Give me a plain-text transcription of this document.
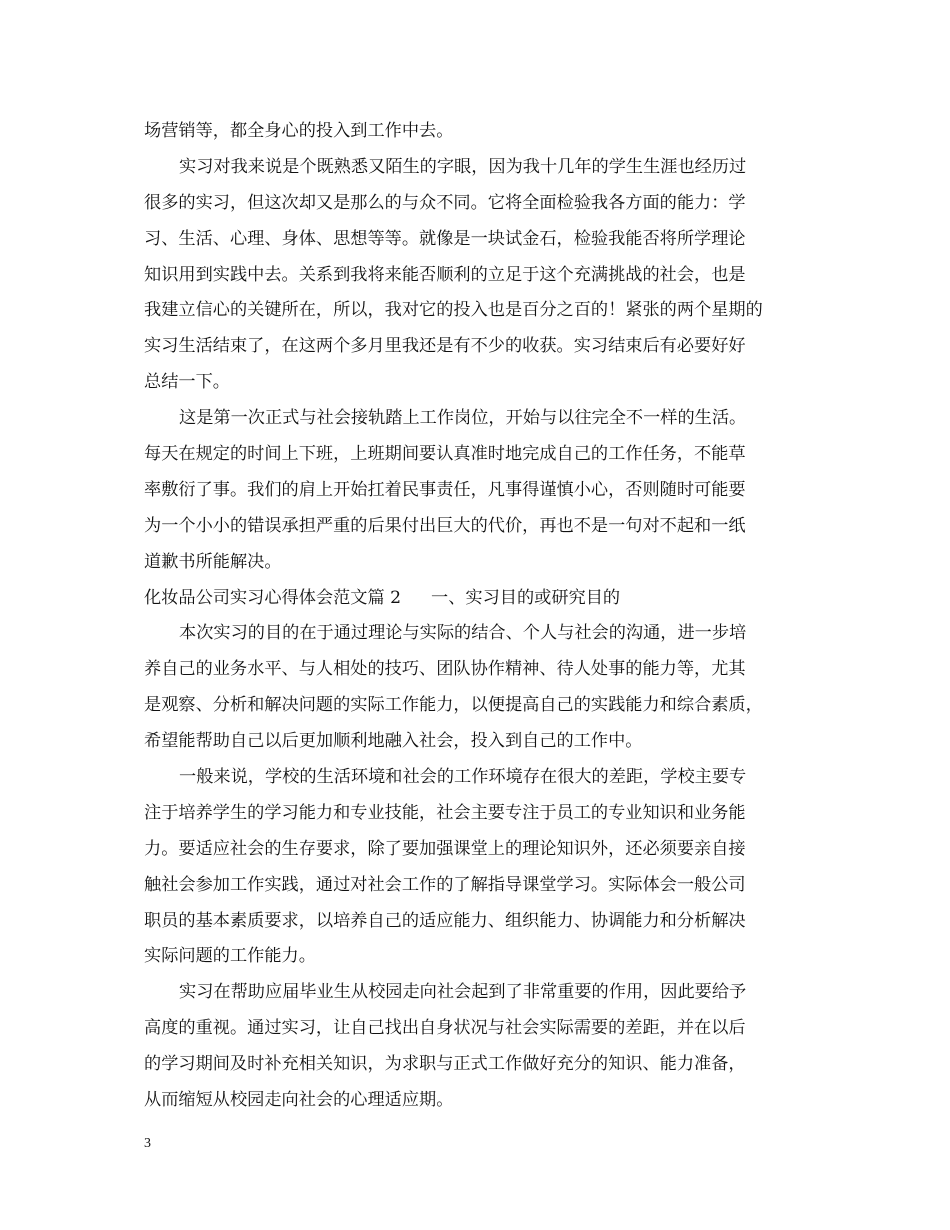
场营销等，都全身心的投入到工作中去。
实习对我来说是个既熟悉又陌生的字眼，因为我十几年的学生生涯也经历过
很多的实习，但这次却又是那么的与众不同。它将全面检验我各方面的能力：学
习、生活、心理、身体、思想等等。就像是一块试金石，检验我能否将所学理论
知识用到实践中去。关系到我将来能否顺利的立足于这个充满挑战的社会，也是
我建立信心的关键所在，所以，我对它的投入也是百分之百的！紧张的两个星期的
实习生活结束了，在这两个多月里我还是有不少的收获。实习结束后有必要好好
总结一下。
这是第一次正式与社会接轨踏上工作岗位，开始与以往完全不一样的生活。
每天在规定的时间上下班，上班期间要认真准时地完成自己的工作任务，不能草
率敷衍了事。我们的肩上开始扛着民事责任，凡事得谨慎小心，否则随时可能要
为一个小小的错误承担严重的后果付出巨大的代价，再也不是一句对不起和一纸
道歉书所能解决。
化妆品公司实习心得体会范文篇 2 一、实习目的或研究目的
本次实习的目的在于通过理论与实际的结合、个人与社会的沟通，进一步培
养自己的业务水平、与人相处的技巧、团队协作精神、待人处事的能力等，尤其
是观察、分析和解决问题的实际工作能力，以便提高自己的实践能力和综合素质，
希望能帮助自己以后更加顺利地融入社会，投入到自己的工作中。
一般来说，学校的生活环境和社会的工作环境存在很大的差距，学校主要专
注于培养学生的学习能力和专业技能，社会主要专注于员工的专业知识和业务能
力。要适应社会的生存要求，除了要加强课堂上的理论知识外，还必须要亲自接
触社会参加工作实践，通过对社会工作的了解指导课堂学习。实际体会一般公司
职员的基本素质要求，以培养自己的适应能力、组织能力、协调能力和分析解决
实际问题的工作能力。
实习在帮助应届毕业生从校园走向社会起到了非常重要的作用，因此要给予
高度的重视。通过实习，让自己找出自身状况与社会实际需要的差距，并在以后
的学习期间及时补充相关知识，为求职与正式工作做好充分的知识、能力准备，
从而缩短从校园走向社会的心理适应期。
3
